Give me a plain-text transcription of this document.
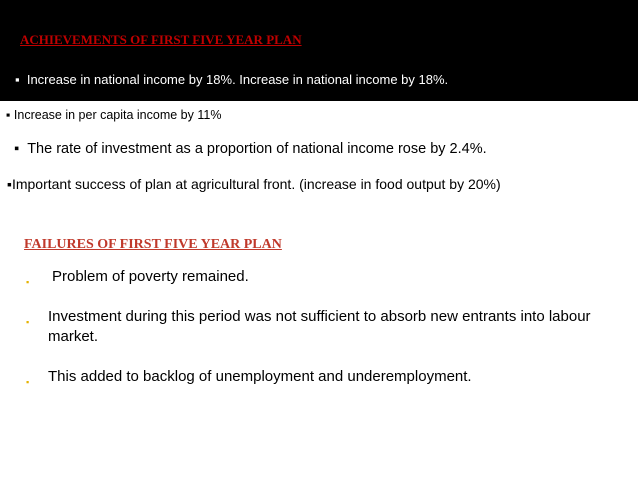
ACHIEVEMENTS OF FIRST FIVE YEAR PLAN
▪
Increase in national income by 18%. Increase in national income by 18%.
▪
Increase in per capita income by 11%
▪
The rate of investment as a proportion of national income rose by 2.4%.
▪ Important success of plan at agricultural front. (increase in food output by 20%)
FAILURES OF FIRST FIVE YEAR PLAN
▪	Problem of poverty remained.
▪	Investment during this period was not sufficient to absorb new entrants into labour market.
▪	This added to backlog of unemployment and underemployment.
